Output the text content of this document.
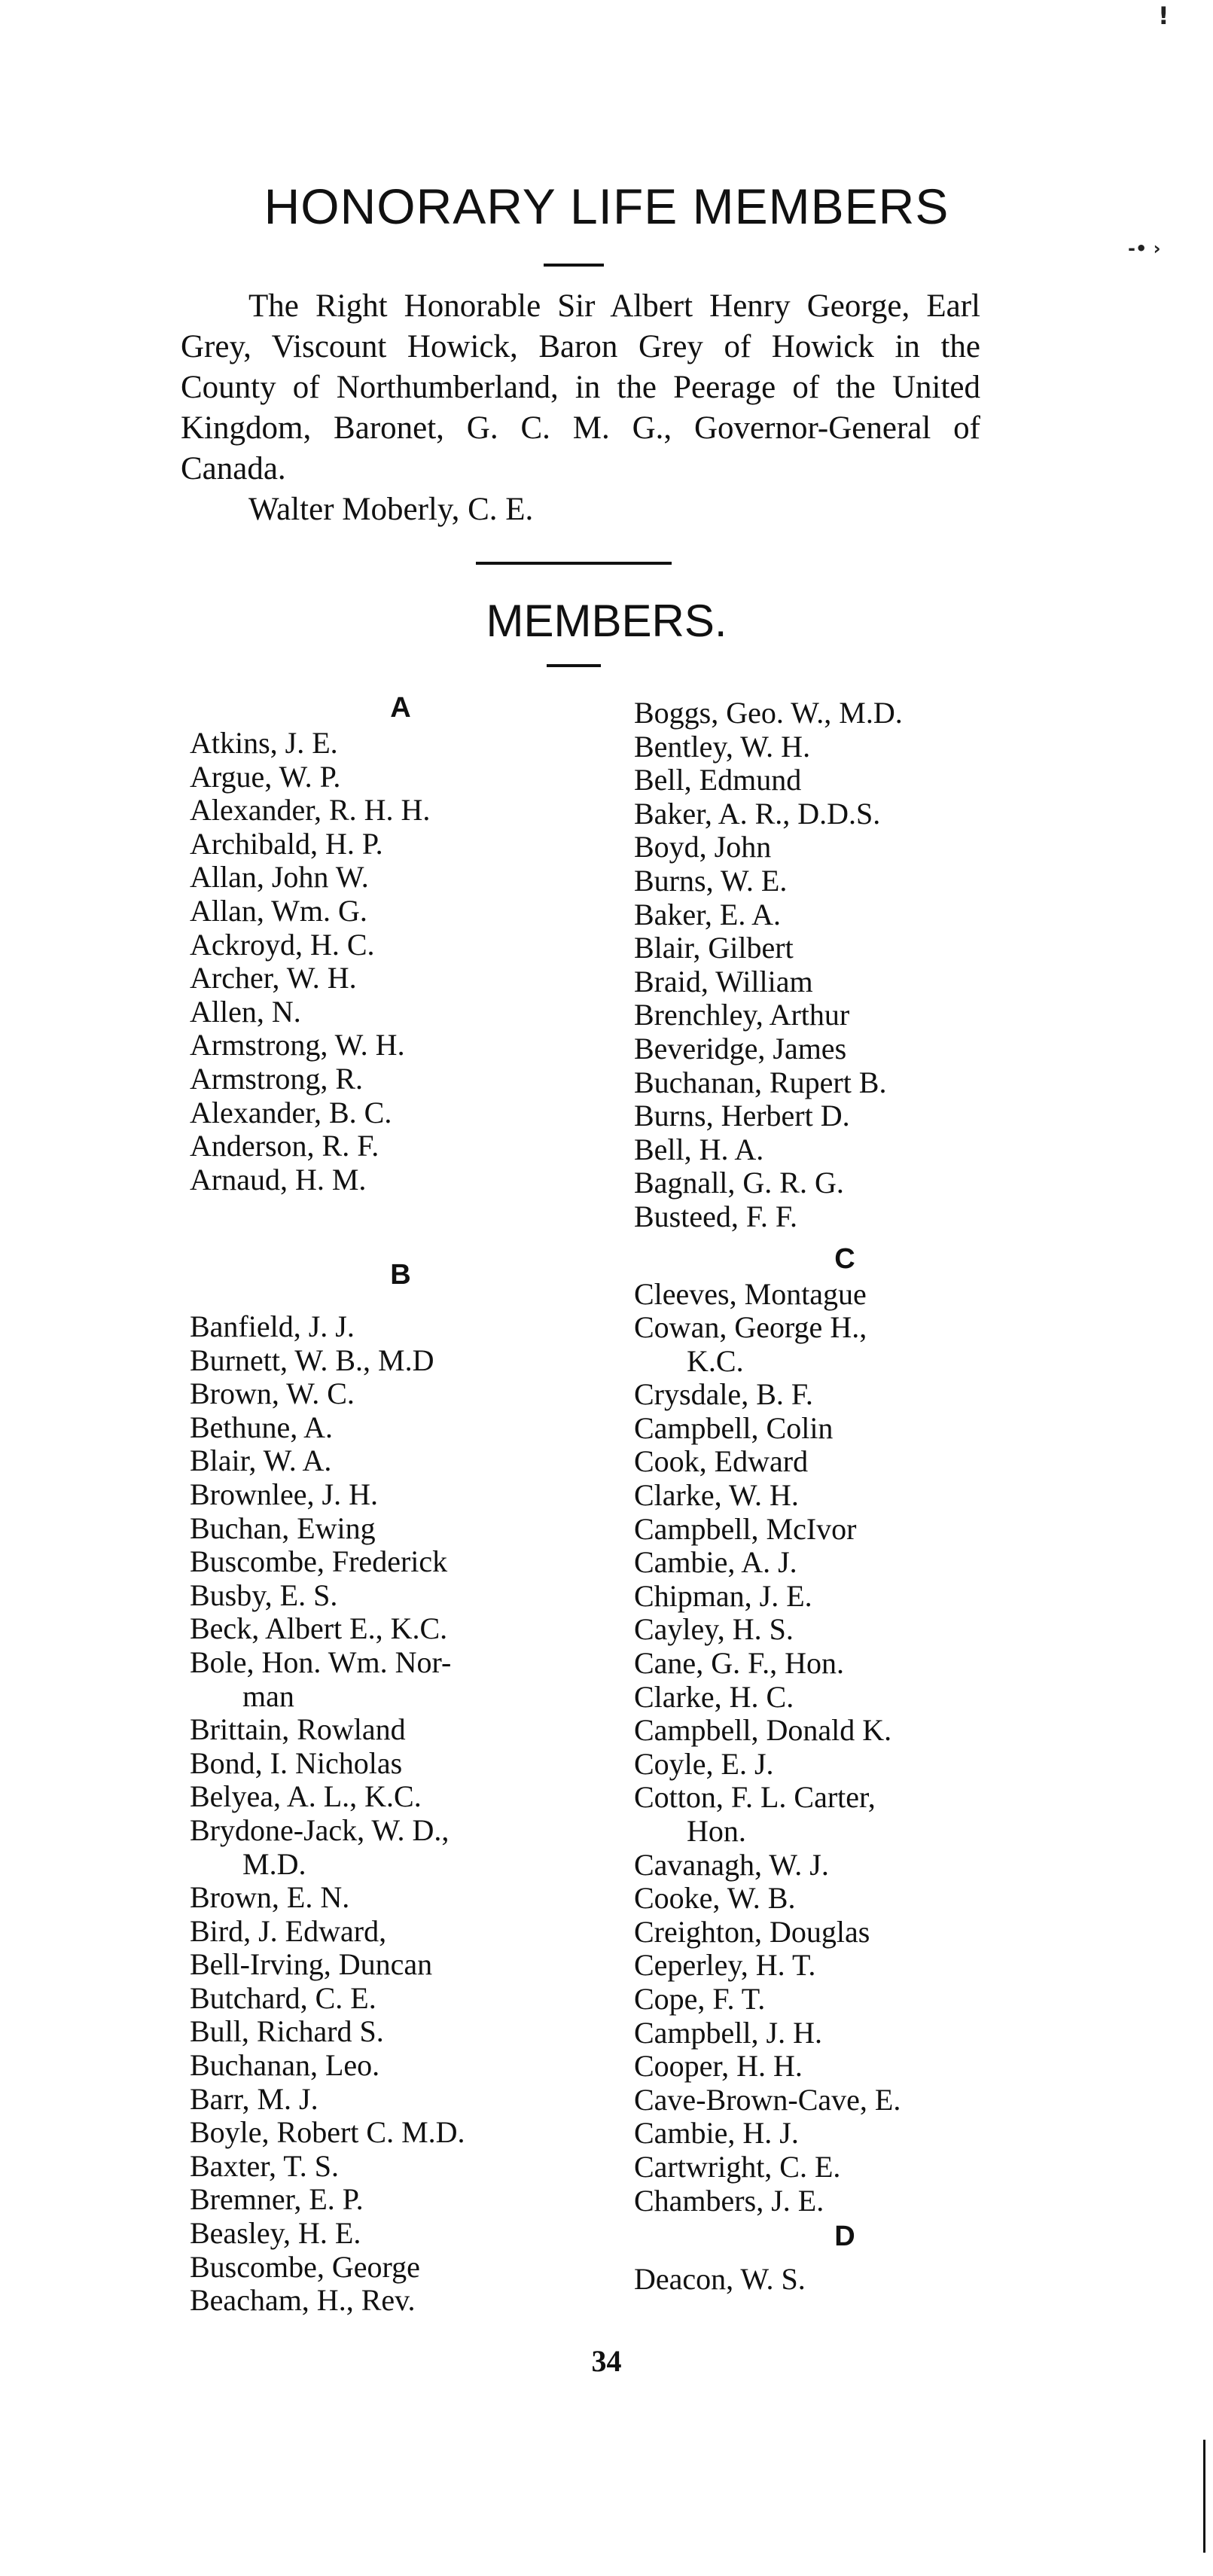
!
-• ›
HONORARY LIFE MEMBERS

The Right Honorable Sir Albert Henry George, Earl Grey, Viscount Howick, Baron Grey of Howick in the County of Northumberland, in the Peerage of the United Kingdom, Baronet, G. C. M. G., Governor-General of Canada.

Walter Moberly, C. E.

MEMBERS.
A
Atkins, J. E.
Argue, W. P.
Alexander, R. H. H.
Archibald, H. P.
Allan, John W.
Allan, Wm. G.
Ackroyd, H. C.
Archer, W. H.
Allen, N.
Armstrong, W. H.
Armstrong, R.
Alexander, B. C.
Anderson, R. F.
Arnaud, H. M.
B
Banfield, J. J.
Burnett, W. B., M.D
Brown, W. C.
Bethune, A.
Blair, W. A.
Brownlee, J. H.
Buchan, Ewing
Buscombe, Frederick
Busby, E. S.
Beck, Albert E., K.C.
Bole, Hon. Wm. Nor-
man
Brittain, Rowland
Bond, I. Nicholas
Belyea, A. L., K.C.
Brydone-Jack, W. D.,
M.D.
Brown, E. N.
Bird, J. Edward,
Bell-Irving, Duncan
Butchard, C. E.
Bull, Richard S.
Buchanan, Leo.
Barr, M. J.
Boyle, Robert C. M.D.
Baxter, T. S.
Bremner, E. P.
Beasley, H. E.
Buscombe, George
Beacham, H., Rev.
Boggs, Geo. W., M.D.
Bentley, W. H.
Bell, Edmund
Baker, A. R., D.D.S.
Boyd, John
Burns, W. E.
Baker, E. A.
Blair, Gilbert
Braid, William
Brenchley, Arthur
Beveridge, James
Buchanan, Rupert B.
Burns, Herbert D.
Bell, H. A.
Bagnall, G. R. G.
Busteed, F. F.
C
Cleeves, Montague
Cowan, George H.,
K.C.
Crysdale, B. F.
Campbell, Colin
Cook, Edward
Clarke, W. H.
Campbell, McIvor
Cambie, A. J.
Chipman, J. E.
Cayley, H. S.
Cane, G. F., Hon.
Clarke, H. C.
Campbell, Donald K.
Coyle, E. J.
Cotton, F. L. Carter,
Hon.
Cavanagh, W. J.
Cooke, W. B.
Creighton, Douglas
Ceperley, H. T.
Cope, F. T.
Campbell, J. H.
Cooper, H. H.
Cave-Brown-Cave, E.
Cambie, H. J.
Cartwright, C. E.
Chambers, J. E.
D
Deacon, W. S.
34
